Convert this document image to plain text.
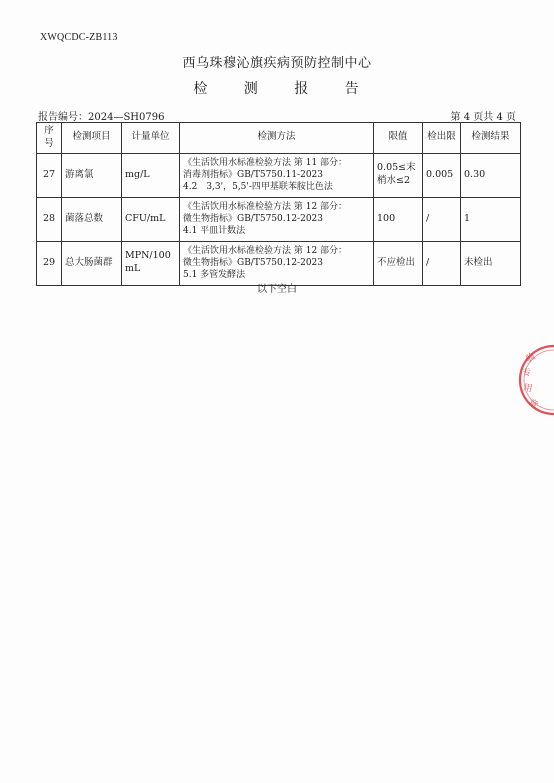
XWQCDC-ZB113
西乌珠穆沁旗疾病预防控制中心
检 测 报 告
报告编号：2024—SH0796	第 4 页共 4 页
序号	检测项目	计量单位	检测方法	限值	检出限	检测结果
27	游离氯	mg/L	《生活饮用水标准检验方法 第 11 部分：
消毒剂指标》GB/T5750.11-2023
4.2　3,3'，5,5'-四甲基联苯胺比色法	0.05≤末梢水≤2	0.005	0.30
28	菌落总数	CFU/mL	《生活饮用水标准检验方法 第 12 部分：
微生物指标》GB/T5750.12-2023
4.1 平皿计数法	100	/	1
29	总大肠菌群	MPN/100mL	《生活饮用水标准检验方法 第 12 部分：
微生物指标》GB/T5750.12-2023
5.1 多管发酵法	不应检出	/	未检出
以下空白
验
专
用
章
